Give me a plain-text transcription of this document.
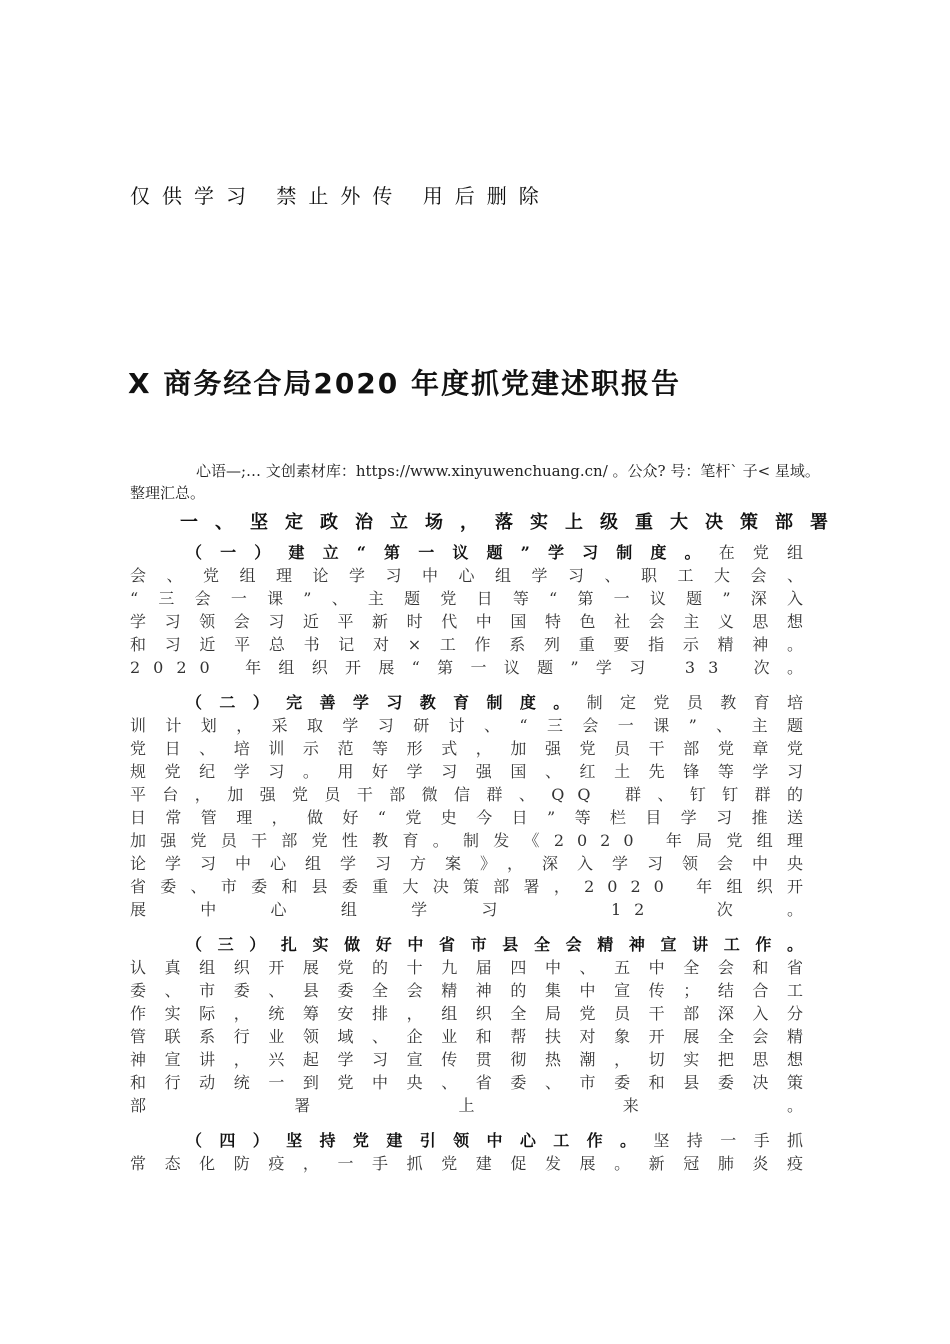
仅供学习 禁止外传 用后删除
X 商务经合局2020 年度抓党建述职报告
心语—;… 文创素材库：https://www.xinyuwenchuang.cn/ 。公众? 号：笔杆` 子< 星域。整理汇总。
一、坚定政治立场，落实上级重大决策部署
（一）建立“第一议题”学习制度。在党组
会、党组理论学习中心组学习、职工大会、
“三会一课”、主题党日等“第一议题”深入
学习领会习近平新时代中国特色社会主义思想
和习近平总书记对×工作系列重要指示精神。
2020 年组织开展“第一议题”学习 33 次。
（二）完善学习教育制度。制定党员教育培
训计划，采取学习研讨、“三会一课”、主题
党日、培训示范等形式，加强党员干部党章党
规党纪学习。用好学习强国、红土先锋等学习
平台，加强党员干部微信群、QQ 群、钉钉群的
日常管理，做好“党史今日”等栏目学习推送
加强党员干部党性教育。制发《2020 年局党组理
论学习中心组学习方案》，深入学习领会中央
省委、市委和县委重大决策部署，2020 年组织开
展中心组学习 12 次。
（三）扎实做好中省市县全会精神宣讲工作。
认真组织开展党的十九届四中、五中全会和省
委、市委、县委全会精神的集中宣传；结合工
作实际，统筹安排，组织全局党员干部深入分
管联系行业领域、企业和帮扶对象开展全会精
神宣讲，兴起学习宣传贯彻热潮，切实把思想
和行动统一到党中央、省委、市委和县委决策
部署上来。
（四）坚持党建引领中心工作。坚持一手抓
常态化防疫，一手抓党建促发展。新冠肺炎疫
